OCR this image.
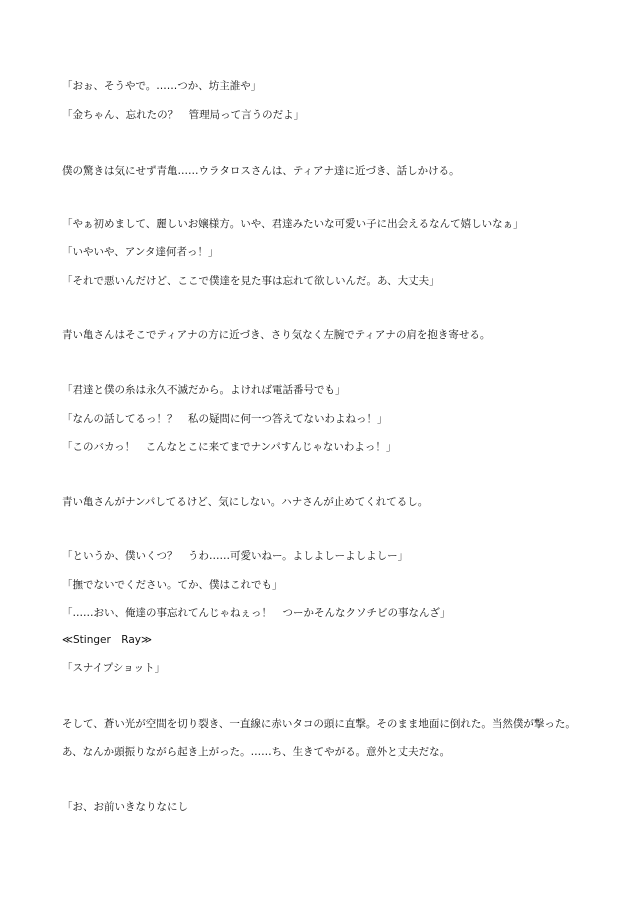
「おぉ、そうやで。……つか、坊主誰や」
「金ちゃん、忘れたの？　管理局って言うのだよ」
僕の驚きは気にせず青亀……ウラタロスさんは、ティアナ達に近づき、話しかける。
「やぁ初めまして、麗しいお嬢様方。いや、君達みたいな可愛い子に出会えるなんて嬉しいなぁ」
「いやいや、アンタ達何者っ！」
「それで悪いんだけど、ここで僕達を見た事は忘れて欲しいんだ。あ、大丈夫」
青い亀さんはそこでティアナの方に近づき、さり気なく左腕でティアナの肩を抱き寄せる。
「君達と僕の糸は永久不滅だから。よければ電話番号でも」
「なんの話してるっ！？　私の疑問に何一つ答えてないわよねっ！」
「このバカっ！　こんなとこに来てまでナンパすんじゃないわよっ！」
青い亀さんがナンパしてるけど、気にしない。ハナさんが止めてくれてるし。
「というか、僕いくつ？　うわ……可愛いねー。よしよしーよしよしー」
「撫でないでください。てか、僕はこれでも」
「……おい、俺達の事忘れてんじゃねぇっ！　つーかそんなクソチビの事なんざ」
≪Stinger　Ray≫
「スナイプショット」
そして、蒼い光が空間を切り裂き、一直線に赤いタコの頭に直撃。そのまま地面に倒れた。当然僕が撃った。
あ、なんか頭振りながら起き上がった。……ち、生きてやがる。意外と丈夫だな。
「お、お前いきなりなにし
